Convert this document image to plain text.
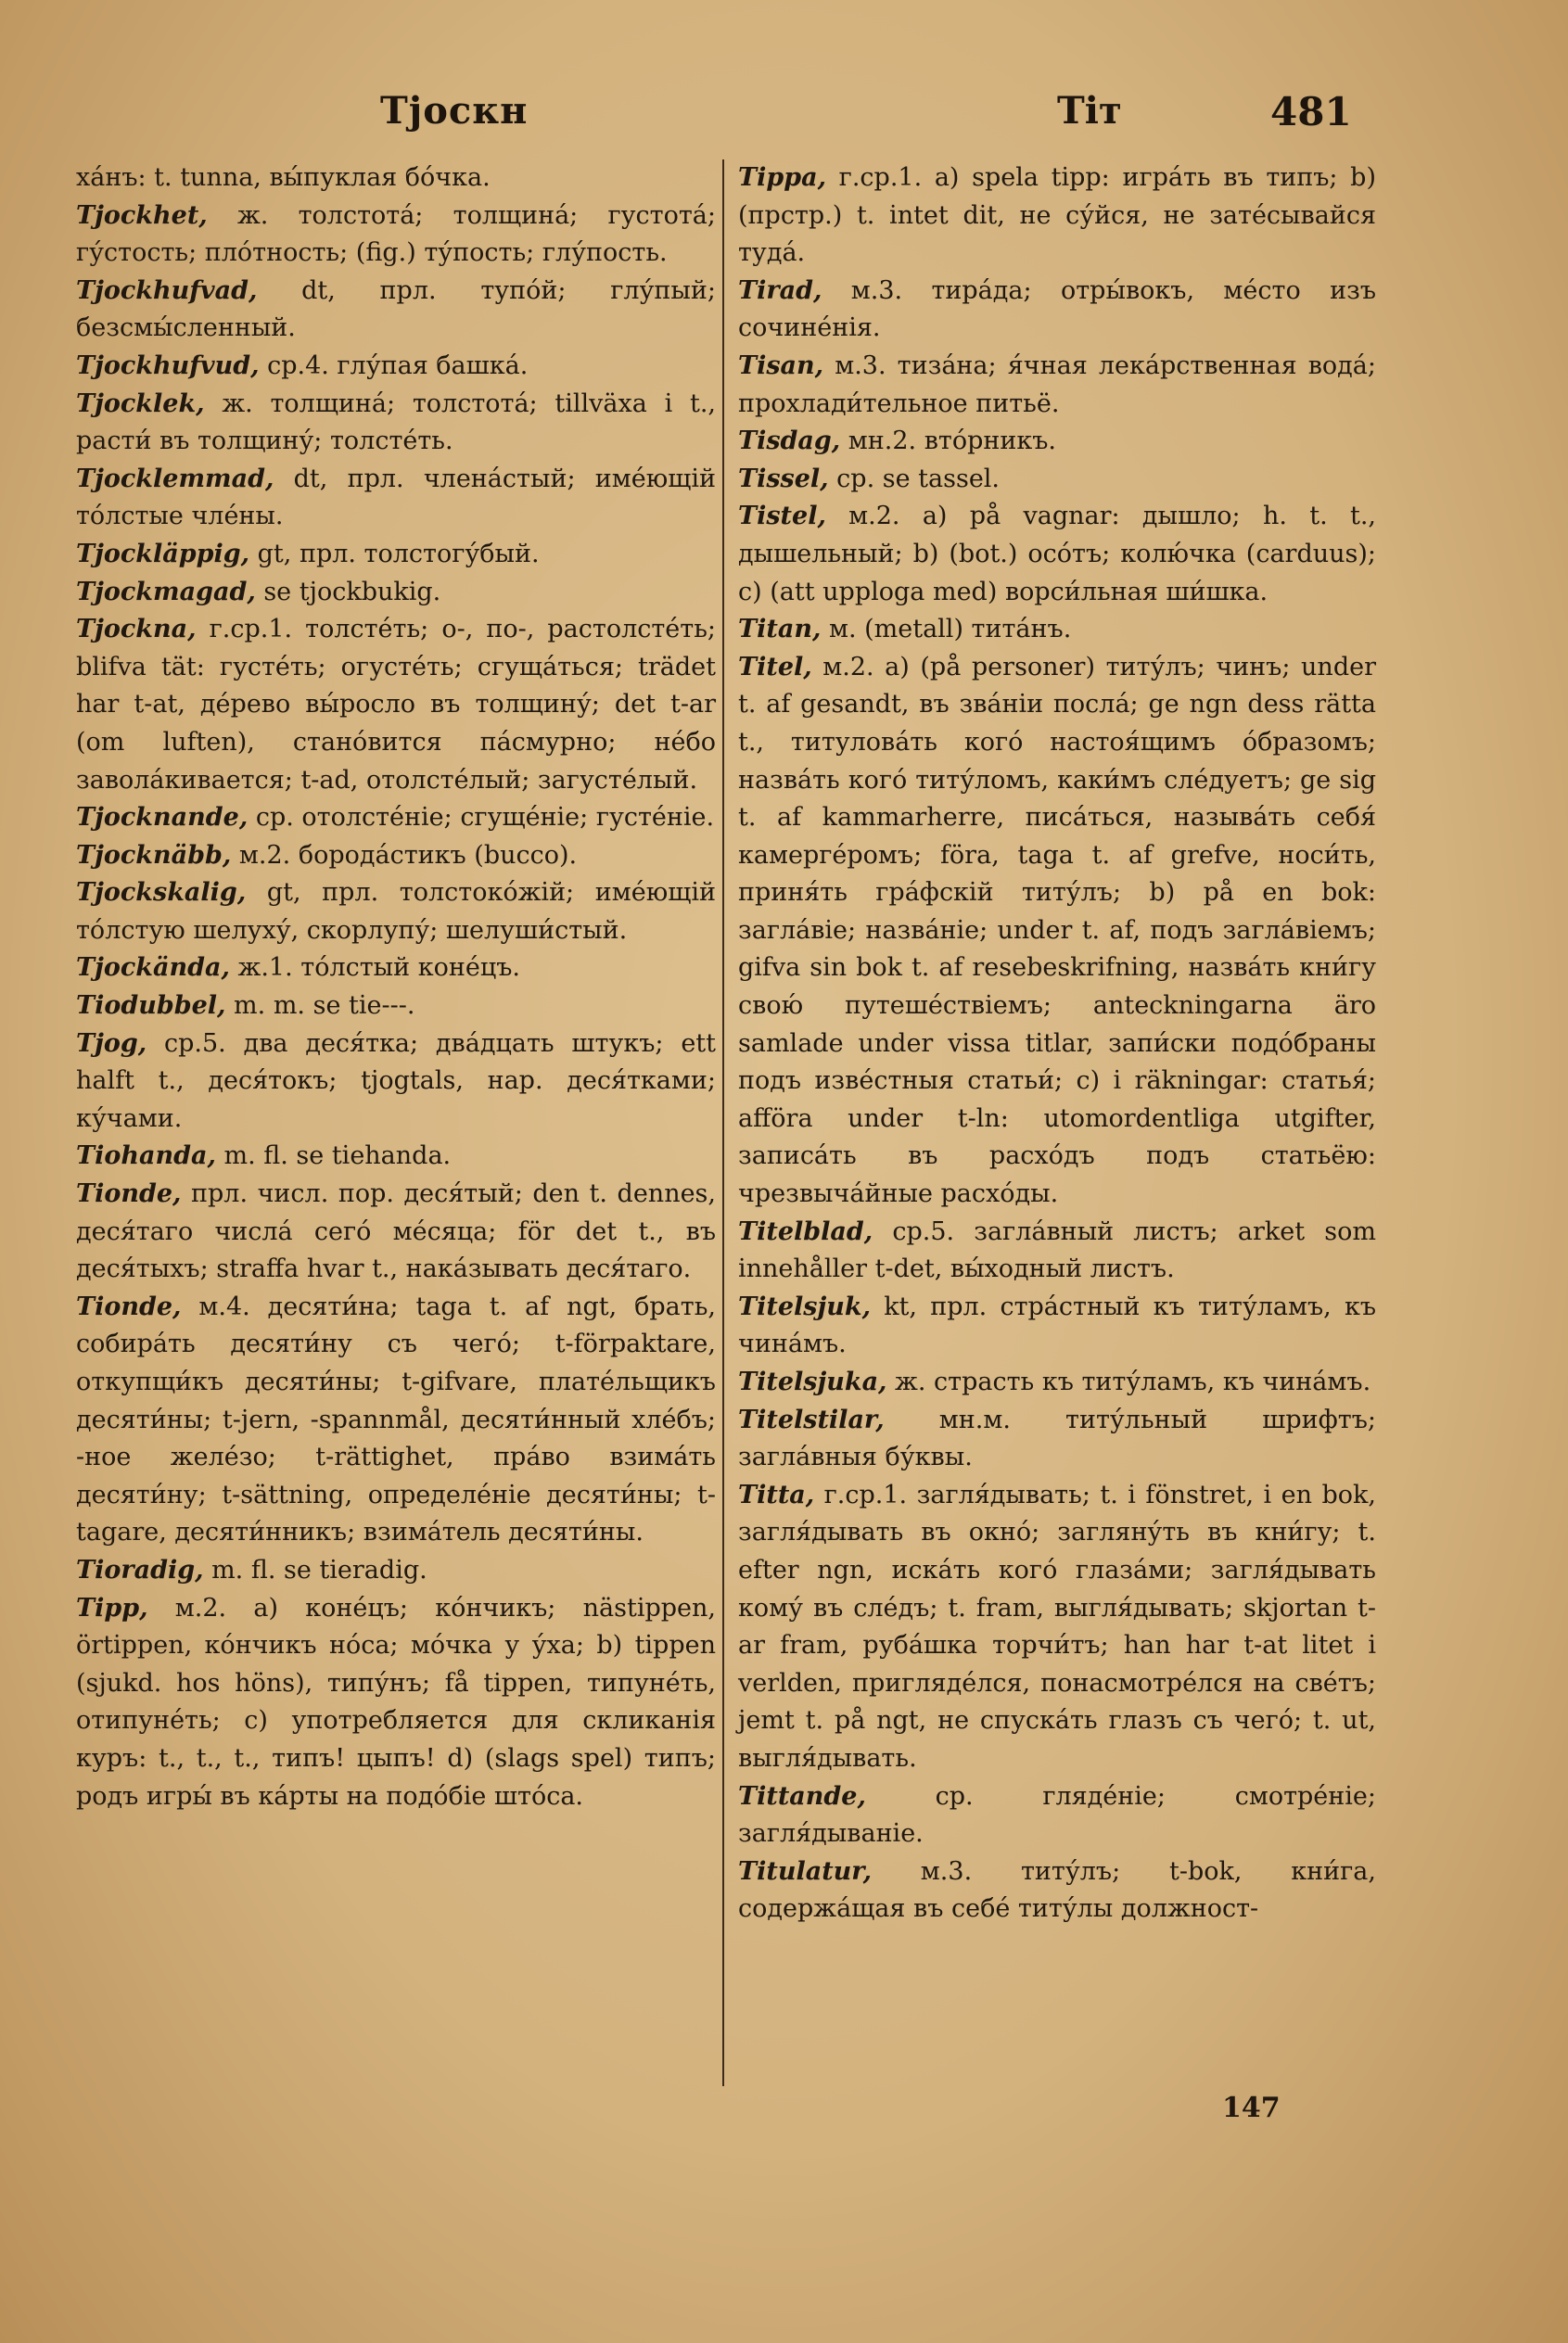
Тјоскн	Тіт	481

ха́нъ: t. tunna, вы́пуклая бо́чка.

Tjockhet, ж. толстота́; толщина́; густота́; гу́стость; пло́тность; (fig.) ту́пость; глу́пость.

Tjockhufvad, dt, прл. тупо́й; глу́пый; безсмы́сленный.

Tjockhufvud, ср.4. глу́пая башка́.

Tjocklek, ж. толщина́; толстота́; tillväxa i t., расти́ въ толщину́; толсте́ть.

Tjocklemmad, dt, прл. члена́стый; име́ющій то́лстые чле́ны.

Tjockläppig, gt, прл. толстогу́бый.

Tjockmagad, se tjockbukig.

Tjockna, г.ср.1. толсте́ть; о-, по-, растолсте́ть; blifva tät: густе́ть; огусте́ть; сгуща́ться; trädet har t-at, де́рево вы́росло въ толщину́; det t-ar (om luften), стано́вится па́смурно; не́бо завола́кивается; t-ad, отолсте́лый; загусте́лый.

Tjocknande, ср. отолсте́ніе; сгуще́ніе; густе́ніе.

Tjocknäbb, м.2. борода́стикъ (bucco).

Tjockskalig, gt, прл. толстоко́жій; име́ющій то́лстую шелуху́, скорлупу́; шелуши́стый.

Tjockända, ж.1. то́лстый коне́цъ.

Tiodubbel, m. m. se tie---.

Tjog, ср.5. два деся́тка; два́дцать штукъ; ett halft t., деся́токъ; tjogtals, нар. деся́тками; ку́чами.

Tiohanda, m. fl. se tiehanda.

Tionde, прл. числ. пор. деся́тый; den t. dennes, деся́таго числа́ сего́ ме́сяца; för det t., въ деся́тыхъ; straffa hvar t., нака́зывать деся́таго.

Tionde, м.4. десяти́на; taga t. af ngt, брать, собира́ть десяти́ну съ чего́; t-förpaktare, откупщи́къ десяти́ны; t-gifvare, плате́льщикъ десяти́ны; t-jern, -spannmål, десяти́нный хле́бъ; -ное желе́зо; t-rättighet, пра́во взима́ть десяти́ну; t-sättning, определе́ніе десяти́ны; t-tagare, десяти́нникъ; взима́тель десяти́ны.

Tioradig, m. fl. se tieradig.

Tipp, м.2. a) коне́цъ; ко́нчикъ; nästippen, örtippen, ко́нчикъ но́са; мо́чка у у́ха; b) tippen (sjukd. hos höns), типу́нъ; få tippen, типуне́ть, отипуне́ть; c) употребляется для скликанія куръ: t., t., t., типъ! цыпъ! d) (slags spel) типъ; родъ игры́ въ ка́рты на подо́біе што́са.

Tippa, г.ср.1. a) spela tipp: игра́ть въ типъ; b) (прстр.) t. intet dit, не су́йся, не зате́сывайся туда́.

Tirad, м.3. тира́да; отры́вокъ, ме́сто изъ сочине́нія.

Tisan, м.3. тиза́на; я́чная лека́рственная вода́; прохлади́тельное питьё.

Tisdag, мн.2. вто́рникъ.

Tissel, ср. se tassel.

Tistel, м.2. a) på vagnar: дышло; h. t. t., дышельный; b) (bot.) осо́тъ; колю́чка (carduus); c) (att upploga med) ворси́льная ши́шка.

Titan, м. (metall) тита́нъ.

Titel, м.2. a) (på personer) титу́лъ; чинъ; under t. af gesandt, въ зва́ніи посла́; ge ngn dess rätta t., титулова́ть кого́ настоя́щимъ о́бразомъ; назва́ть кого́ титу́ломъ, каки́мъ сле́дуетъ; ge sig t. af kammarherre, писа́ться, называ́ть себя́ камерге́ромъ; föra, taga t. af grefve, носи́ть, приня́ть гра́фскій титу́лъ; b) på en bok: загла́віе; назва́ніе; under t. af, подъ загла́віемъ; gifva sin bok t. af resebeskrifning, назва́ть кни́гу свою́ путеше́ствіемъ; anteckningarna äro samlade under vissa titlar, запи́ски подо́браны подъ изве́стныя статьи́; c) i räkningar: статья́; afföra under t-ln: utomordentliga utgifter, записа́ть въ расхо́дъ подъ статьёю: чрезвыча́йные расхо́ды.

Titelblad, ср.5. загла́вный листъ; arket som innehåller t-det, вы́ходный листъ.

Titelsjuk, kt, прл. стра́стный къ титу́ламъ, къ чина́мъ.

Titelsjuka, ж. страсть къ титу́ламъ, къ чина́мъ.

Titelstilar, мн.м. титу́льный шрифтъ; загла́вныя бу́квы.

Titta, г.ср.1. загля́дывать; t. i fönstret, i en bok, загля́дывать въ окно́; загляну́ть въ кни́гу; t. efter ngn, иска́ть кого́ глаза́ми; загля́дывать кому́ въ сле́дъ; t. fram, выгля́дывать; skjortan t-ar fram, руба́шка торчи́тъ; han har t-at litet i verlden, пригляде́лся, понасмотре́лся на све́тъ; jemt t. på ngt, не спуска́ть глазъ съ чего́; t. ut, выгля́дывать.

Tittande, ср. гляде́ніе; смотре́ніе; загля́дываніе.

Titulatur, м.3. титу́лъ; t-bok, кни́га, содержа́щая въ себе́ титу́лы должност-

147
